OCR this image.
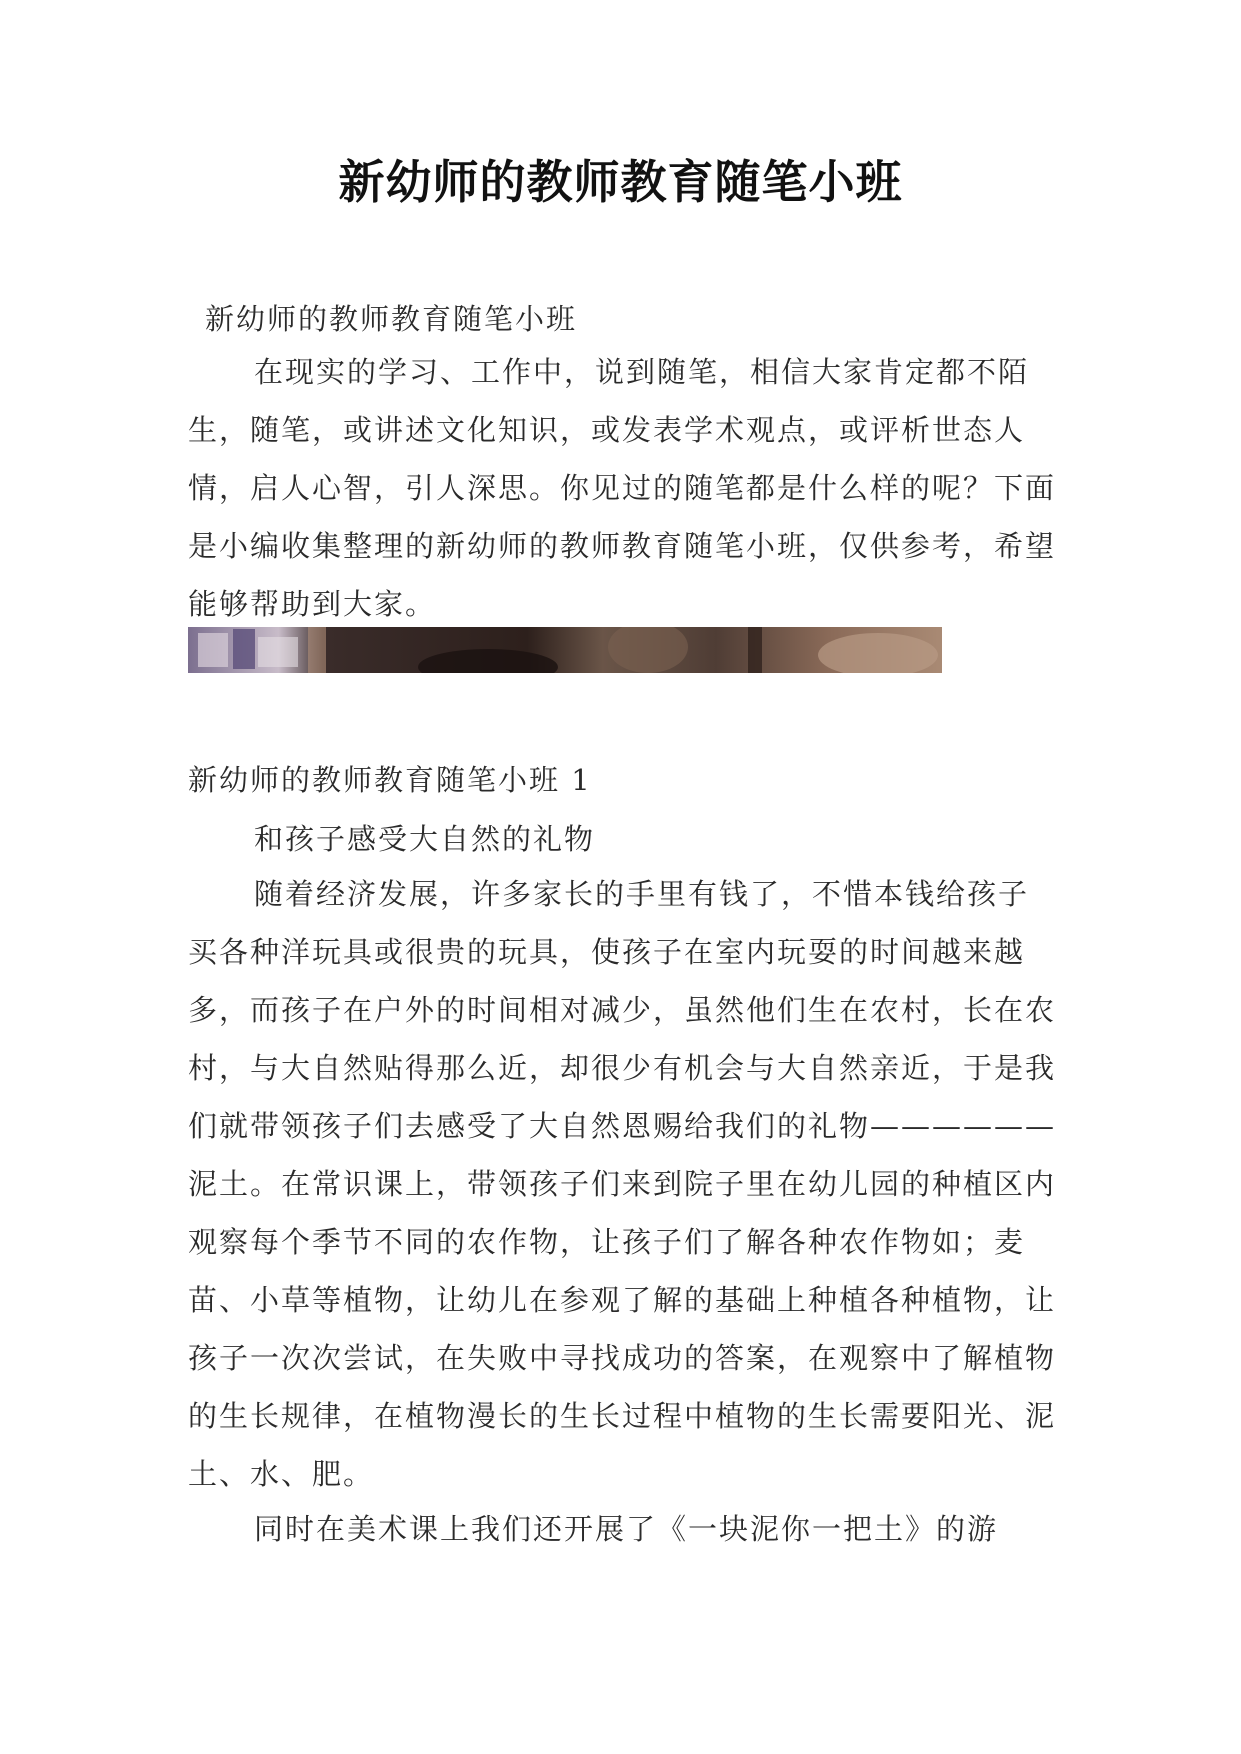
新幼师的教师教育随笔小班

新幼师的教师教育随笔小班

在现实的学习、工作中，说到随笔，相信大家肯定都不陌生，随笔，或讲述文化知识，或发表学术观点，或评析世态人情，启人心智，引人深思。你见过的随笔都是什么样的呢？下面是小编收集整理的新幼师的教师教育随笔小班，仅供参考，希望能够帮助到大家。

新幼师的教师教育随笔小班 1

和孩子感受大自然的礼物

随着经济发展，许多家长的手里有钱了，不惜本钱给孩子买各种洋玩具或很贵的玩具，使孩子在室内玩耍的时间越来越多，而孩子在户外的时间相对减少，虽然他们生在农村，长在农村，与大自然贴得那么近，却很少有机会与大自然亲近，于是我们就带领孩子们去感受了大自然恩赐给我们的礼物——————泥土。在常识课上，带领孩子们来到院子里在幼儿园的种植区内观察每个季节不同的农作物，让孩子们了解各种农作物如；麦苗、小草等植物，让幼儿在参观了解的基础上种植各种植物，让孩子一次次尝试，在失败中寻找成功的答案，在观察中了解植物的生长规律，在植物漫长的生长过程中植物的生长需要阳光、泥土、水、肥。

同时在美术课上我们还开展了《一块泥你一把土》的游
